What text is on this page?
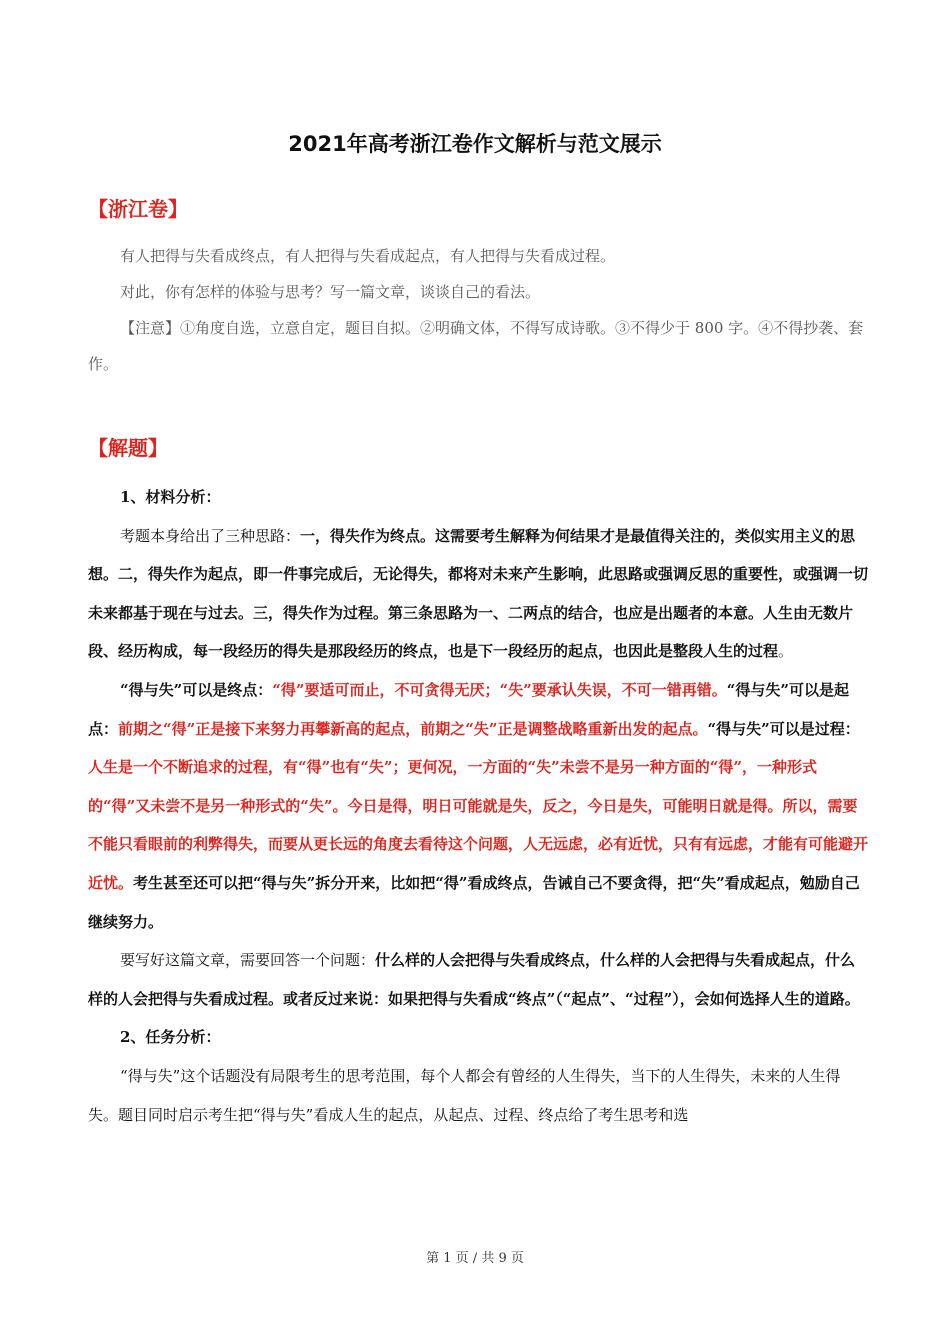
2021年高考浙江卷作文解析与范文展示
【浙江卷】

有人把得与失看成终点，有人把得与失看成起点，有人把得与失看成过程。

对此，你有怎样的体验与思考？写一篇文章，谈谈自己的看法。

【注意】①角度自选，立意自定，题目自拟。②明确文体，不得写成诗歌。③不得少于 800 字。④不得抄袭、套作。

【解题】

1、材料分析：

考题本身给出了三种思路：一，得失作为终点。这需要考生解释为何结果才是最值得关注的，类似实用主义的思想。二，得失作为起点，即一件事完成后，无论得失，都将对未来产生影响，此思路或强调反思的重要性，或强调一切未来都基于现在与过去。三，得失作为过程。第三条思路为一、二两点的结合，也应是出题者的本意。人生由无数片段、经历构成，每一段经历的得失是那段经历的终点，也是下一段经历的起点，也因此是整段人生的过程。

“得与失”可以是终点：“得”要适可而止，不可贪得无厌；“失”要承认失误，不可一错再错。“得与失”可以是起点：前期之“得”正是接下来努力再攀新高的起点，前期之“失”正是调整战略重新出发的起点。“得与失”可以是过程：人生是一个不断追求的过程，有“得”也有“失”；更何况，一方面的“失”未尝不是另一种方面的“得”，一种形式的“得”又未尝不是另一种形式的“失”。今日是得，明日可能就是失，反之，今日是失，可能明日就是得。所以，需要不能只看眼前的利弊得失，而要从更长远的角度去看待这个问题，人无远虑，必有近忧，只有有远虑，才能有可能避开近忧。考生甚至还可以把“得与失”拆分开来，比如把“得”看成终点，告诫自己不要贪得，把“失”看成起点，勉励自己继续努力。

要写好这篇文章，需要回答一个问题：什么样的人会把得与失看成终点，什么样的人会把得与失看成起点，什么样的人会把得与失看成过程。或者反过来说：如果把得与失看成“终点”（“起点”、“过程”），会如何选择人生的道路。

2、任务分析：

“得与失”这个话题没有局限考生的思考范围，每个人都会有曾经的人生得失，当下的人生得失，未来的人生得失。题目同时启示考生把“得与失”看成人生的起点，从起点、过程、终点给了考生思考和选

第 1 页 / 共 9 页
